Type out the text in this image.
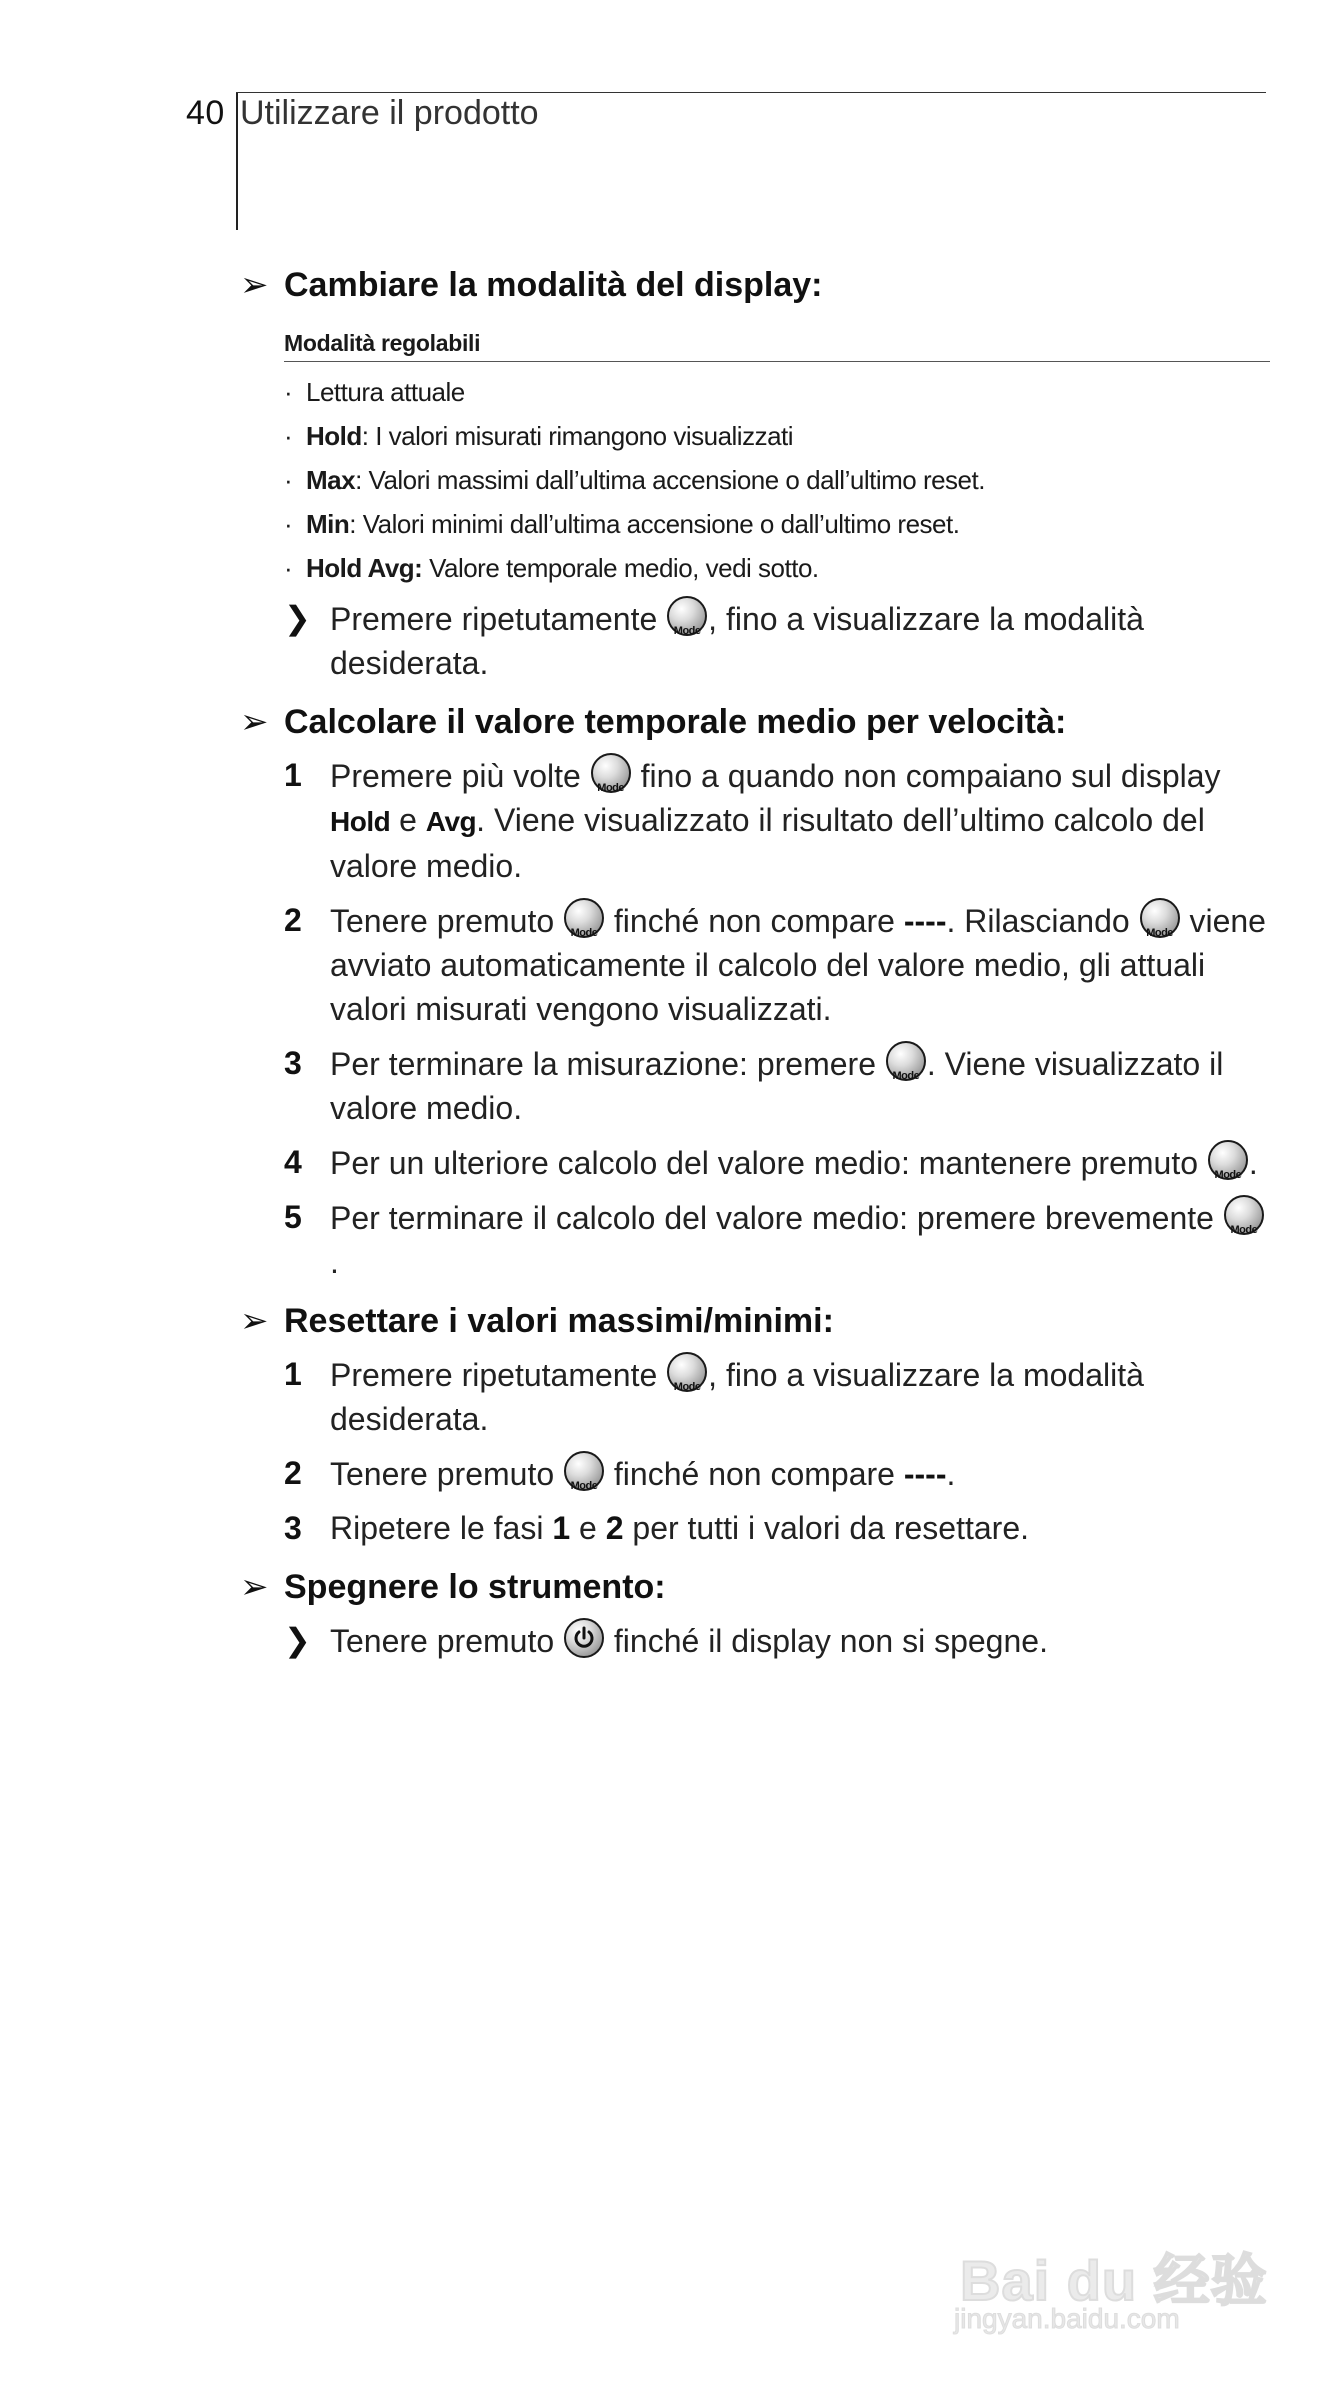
40 Utilizzare il prodotto
➢ Cambiare la modalità del display:
Modalità regolabili
· Lettura attuale
· Hold: I valori misurati rimangono visualizzati
· Max: Valori massimi dall’ultima accensione o dall’ultimo reset.
· Min: Valori minimi dall’ultima accensione o dall’ultimo reset.
· Hold Avg: Valore temporale medio, vedi sotto.
❯ Premere ripetutamente Mode , fino a visualizzare la modalità desiderata.
➢ Calcolare il valore temporale medio per velocità:
1 Premere più volte Mode fino a quando non compaiano sul display Hold e Avg. Viene visualizzato il risultato dell’ultimo calcolo del valore medio.
2 Tenere premuto Mode finché non compare ----. Rilasciando Mode viene avviato automaticamente il calcolo del valore medio, gli attuali valori misurati vengono visualizzati.
3 Per terminare la misurazione: premere Mode . Viene visualizzato il valore medio.
4 Per un ulteriore calcolo del valore medio: mantenere premuto Mode .
5 Per terminare il calcolo del valore medio: premere brevemente Mode
.
➢ Resettare i valori massimi/minimi:
1 Premere ripetutamente Mode , fino a visualizzare la modalità desiderata.
2 Tenere premuto Mode finché non compare ----.
3 Ripetere le fasi 1 e 2 per tutti i valori da resettare.
➢ Spegnere lo strumento:
❯ Tenere premuto
finché il display non si spegne.
Bai du 经验
jingyan.baidu.com
